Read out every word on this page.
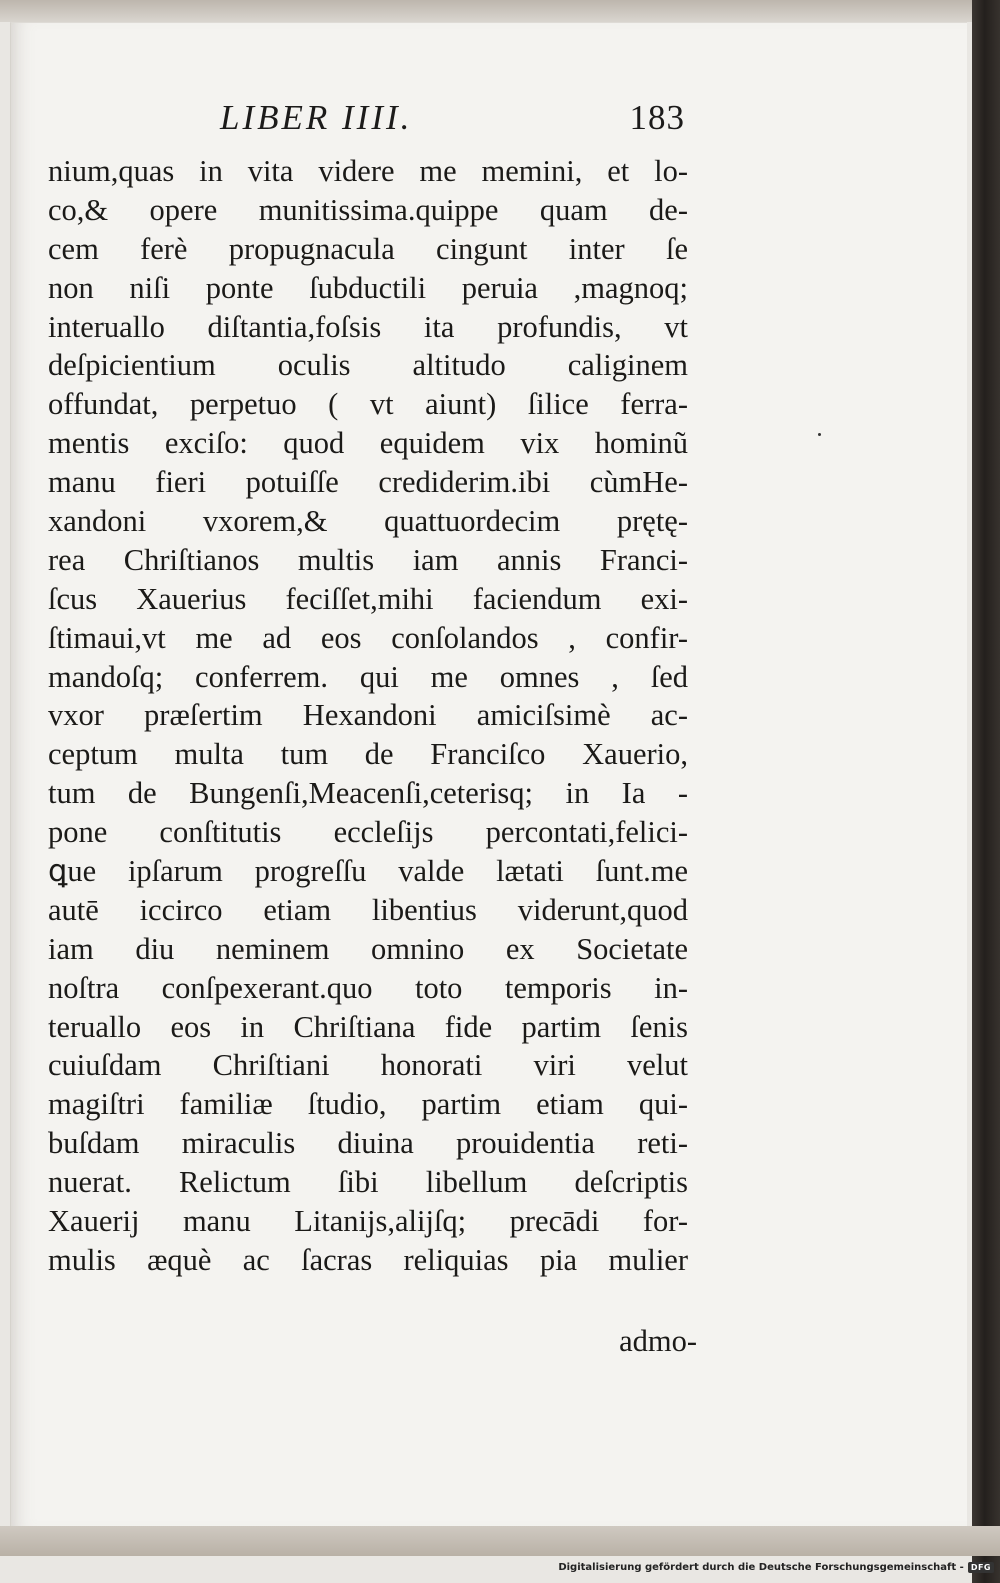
LIBER IIII.	183
nium,quas in vita videre me memini, et lo-
co,& opere munitissima.quippe quam de-
cem ferè propugnacula cingunt inter ſe
non niſi ponte ſubductili peruia ,magnoq;
interuallo diſtantia,foſsis ita profundis, vt
deſpicientium oculis altitudo caliginem
offundat, perpetuo ( vt aiunt) ſilice ferra-
mentis exciſo: quod equidem vix hominũ
manu fieri potuiſſe crediderim.ibi cùmHe-
xandoni vxorem,& quattuordecim prętę-
rea Chriſtianos multis iam annis Franci-
ſcus Xauerius feciſſet,mihi faciendum exi-
ſtimaui,vt me ad eos conſolandos , confir-
mandoſq; conferrem. qui me omnes , ſed
vxor præſertim Hexandoni amiciſsimè ac-
ceptum multa tum de Franciſco Xauerio,
tum de Bungenſi,Meacenſi,ceterisq; in Ia -
pone conſtitutis eccleſijs percontati,felici-
ꝗue ipſarum progreſſu valde lætati ſunt.me
autē iccirco etiam libentius viderunt,quod
iam diu neminem omnino ex Societate
noſtra conſpexerant.quo toto temporis in-
teruallo eos in Chriſtiana fide partim ſenis
cuiuſdam Chriſtiani honorati viri velut
magiſtri familiæ ſtudio, partim etiam qui-
buſdam miraculis diuina prouidentia reti-
nuerat. Relictum ſibi libellum deſcriptis
Xauerij manu Litanijs,alijſq; precādi for-
mulis æquè ac ſacras reliquias pia mulier
admo-
Digitalisierung gefördert durch die Deutsche Forschungsgemeinschaft - DFG
